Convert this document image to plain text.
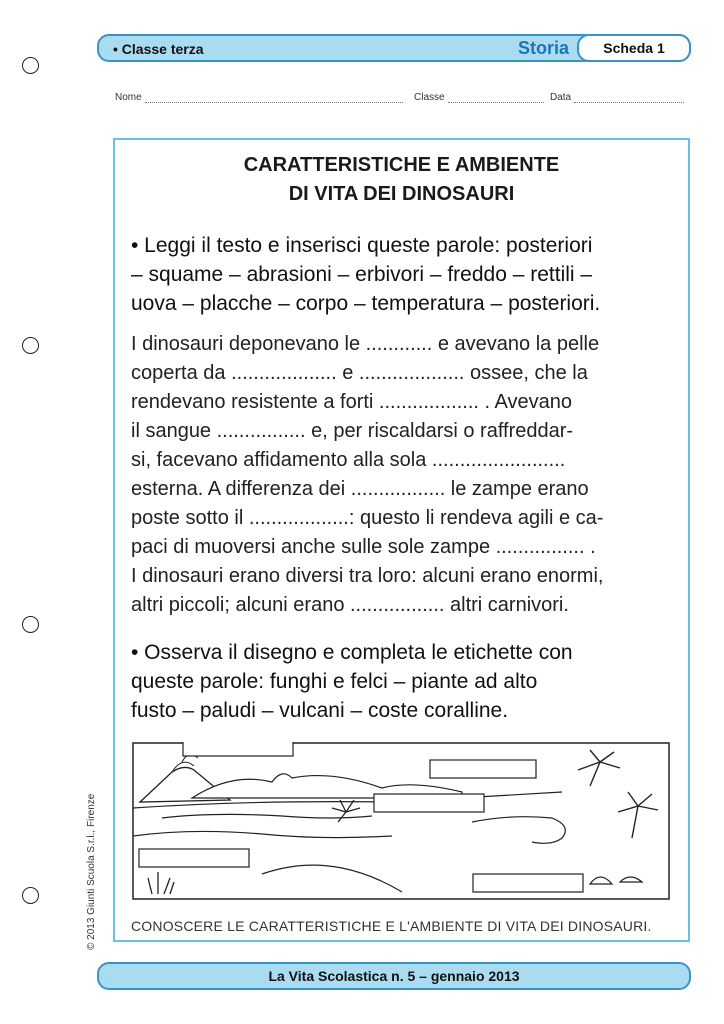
• Classe terza	Storia	Scheda 1
Nome	Classe	Data
CARATTERISTICHE E AMBIENTE
DI VITA DEI DINOSAURI
• Leggi il testo e inserisci queste parole: posteriori
– squame – abrasioni – erbivori – freddo – rettili –
uova – placche – corpo – temperatura – posteriori.
I dinosauri deponevano le ............ e avevano la pelle
coperta da ................... e ................... ossee, che la
rendevano resistente a forti .................. . Avevano
il sangue ................ e, per riscaldarsi o raffreddar-
si, facevano affidamento alla sola ........................
esterna. A differenza dei ................. le zampe erano
poste sotto il ..................: questo li rendeva agili e ca-
paci di muoversi anche sulle sole zampe ................ .
I dinosauri erano diversi tra loro: alcuni erano enormi,
altri piccoli; alcuni erano ................. altri carnivori.
• Osserva il disegno e completa le etichette con
queste parole: funghi e felci – piante ad alto
fusto – paludi – vulcani – coste coralline.
CONOSCERE LE CARATTERISTICHE E L'AMBIENTE DI VITA DEI DINOSAURI.
© 2013 Giunti Scuola S.r.l., Firenze
La Vita Scolastica n. 5 – gennaio 2013
